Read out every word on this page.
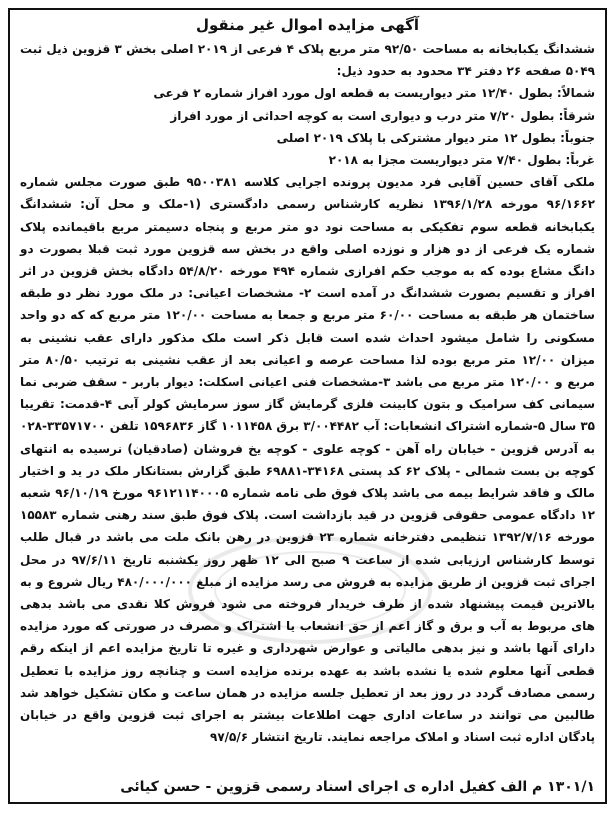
آگهی مزایده اموال غیر منقول

ششدانگ یکبابخانه به مساحت ۹۲/۵۰ متر مربع پلاک ۴ فرعی از ۲۰۱۹ اصلی بخش ۳ قزوین ذیل ثبت ۵۰۴۹ صفحه ۲۶ دفتر ۳۴ محدود به حدود ذیل:

شمالاً: بطول ۱۲/۴۰ متر دیواریست به قطعه اول مورد افراز شماره ۲ فرعی

شرقاً: بطول ۷/۲۰ متر درب و دیواری است به کوچه احداثی از مورد افراز

جنوباً: بطول ۱۲ متر دیوار مشترکی با پلاک ۲۰۱۹ اصلی

غرباً: بطول ۷/۴۰ متر دیواریست مجزا به ۲۰۱۸

ملکی آقای حسین آقایی فرد مدیون پرونده اجرایی کلاسه ۹۵۰۰۳۸۱ طبق صورت مجلس شماره ۹۶/۱۶۶۲ مورخه ۱۳۹۶/۱/۲۸ نظریه کارشناس رسمی دادگستری (۱-ملک و محل آن: ششدانگ یکبابخانه قطعه سوم تفکیکی به مساحت نود دو متر مربع و پنجاه دسیمتر مربع باقیمانده پلاک شماره یک فرعی از دو هزار و نوزده اصلی واقع در بخش سه قزوین مورد ثبت قبلا بصورت دو دانگ مشاع بوده که به موجب حکم افرازی شماره ۴۹۴ مورخه ۵۴/۸/۲۰ دادگاه بخش قزوین در اثر افراز و تقسیم بصورت ششدانگ در آمده است ۲- مشخصات اعیانی: در ملک مورد نظر دو طبقه ساختمان هر طبقه به مساحت ۶۰/۰۰ متر مربع و جمعا به مساحت ۱۲۰/۰۰ متر مربع که که دو واحد مسکونی را شامل میشود احداث شده است قابل ذکر است ملک مذکور دارای عقب نشینی به میزان ۱۲/۰۰ متر مربع بوده لذا مساحت عرصه و اعیانی بعد از عقب نشینی به ترتیب ۸۰/۵۰ متر مربع و ۱۲۰/۰۰ متر مربع می باشد ۳-مشخصات فنی اعیانی اسکلت: دیوار باربر - سقف ضربی نما سیمانی کف سرامیک و بتون کابینت فلزی گرمایش گاز سوز سرمایش کولر آبی ۴-قدمت: تقریبا ۳۵ سال ۵-شماره اشتراک انشعابات: آب ۳/۰۰۴۴۸۲ برق ۱۰۱۱۴۵۸ گاز ۱۵۹۶۸۳۶ تلفن ۳۳۵۷۱۷۰۰-۰۲۸ به آدرس قزوین - خیابان راه آهن - کوچه علوی - کوچه یخ فروشان (صادقیان) نرسیده به انتهای کوچه بن بست شمالی - پلاک ۶۲ کد پستی ۳۴۱۶۸-۶۹۸۸۱ طبق گزارش بستانکار ملک در ید و اختیار مالک و فاقد شرایط بیمه می باشد پلاک فوق طی نامه شماره ۹۶۱۲۱۱۴۰۰۰۵ مورخ ۹۶/۱۰/۱۹ شعبه ۱۲ دادگاه عمومی حقوقی قزوین در قید بازداشت است. پلاک فوق طبق سند رهنی شماره ۱۵۵۸۳ مورخه ۱۳۹۲/۷/۱۶ تنظیمی دفترخانه شماره ۲۳ قزوین در رهن بانک ملت می باشد در قبال طلب توسط کارشناس ارزیابی شده از ساعت ۹ صبح الی ۱۲ ظهر روز یکشنبه تاریخ ۹۷/۶/۱۱ در محل اجرای ثبت قزوین از طریق مزایده به فروش می رسد مزایده از مبلغ ۴۸۰/۰۰۰/۰۰۰ ریال شروع و به بالاترین قیمت پیشنهاد شده از طرف خریدار فروخته می شود فروش کلا نقدی می باشد بدهی های مربوط به آب و برق و گاز اعم از حق انشعاب یا اشتراک و مصرف در صورتی که مورد مزایده دارای آنها باشد و نیز بدهی مالیاتی و عوارض شهرداری و غیره تا تاریخ مزایده اعم از اینکه رقم قطعی آنها معلوم شده یا نشده باشد به عهده برنده مزایده است و چنانچه روز مزایده با تعطیل رسمی مصادف گردد در روز بعد از تعطیل جلسه مزایده در همان ساعت و مکان تشکیل خواهد شد طالبین می توانند در ساعات اداری جهت اطلاعات بیشتر به اجرای ثبت قزوین واقع در خیابان پادگان اداره ثبت اسناد و املاک مراجعه نمایند. تاریخ انتشار ۹۷/۵/۶

۱۳۰۱/۱ م الف کفیل اداره ی اجرای اسناد رسمی قزوین - حسن کیائی
